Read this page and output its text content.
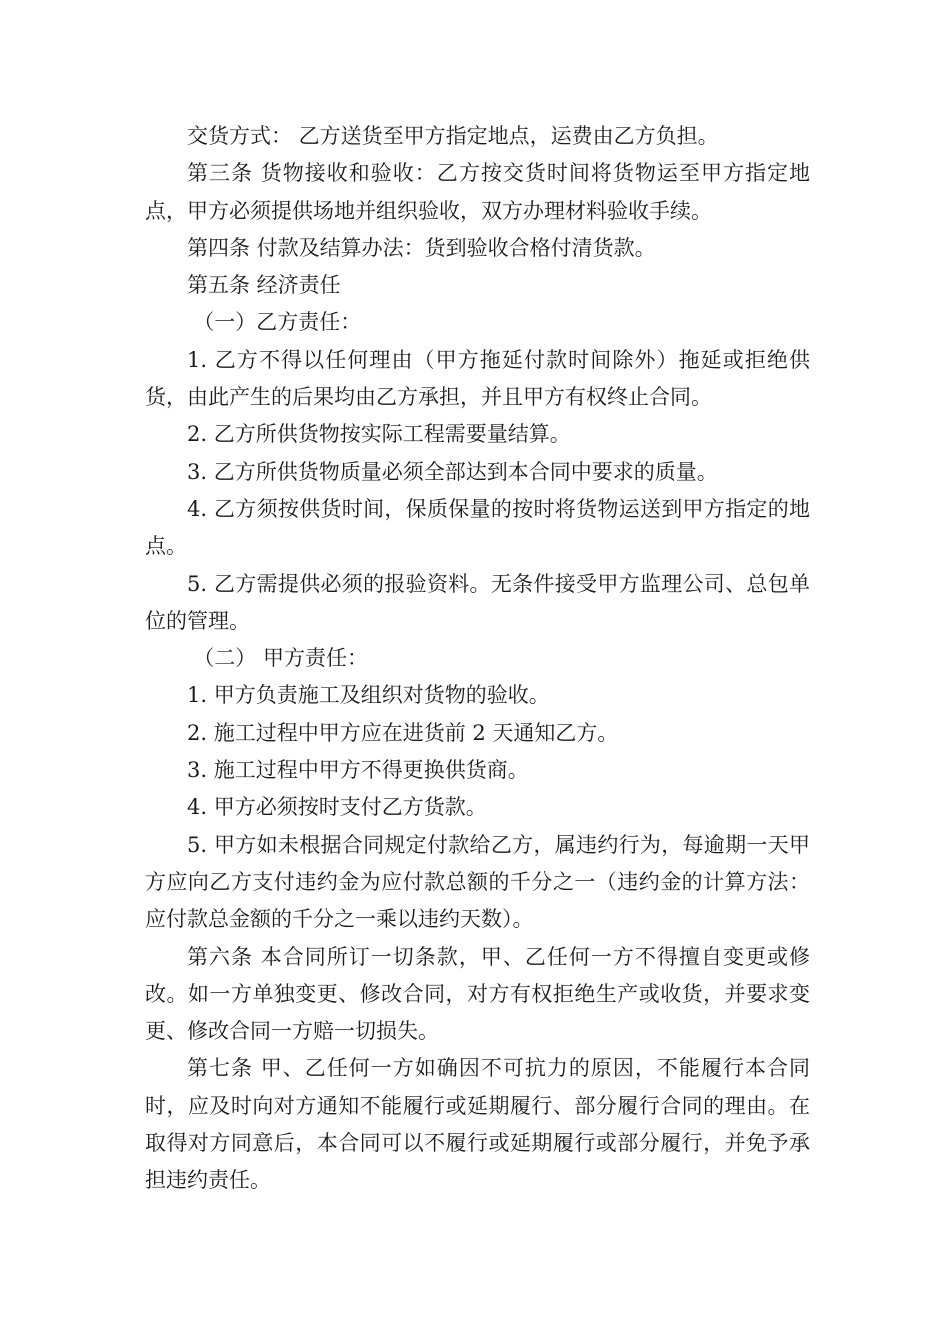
交货方式： 乙方送货至甲方指定地点，运费由乙方负担。

第三条 货物接收和验收：乙方按交货时间将货物运至甲方指定地点，甲方必须提供场地并组织验收，双方办理材料验收手续。

第四条 付款及结算办法：货到验收合格付清货款。

第五条 经济责任

（一）乙方责任：

1. 乙方不得以任何理由（甲方拖延付款时间除外）拖延或拒绝供货，由此产生的后果均由乙方承担，并且甲方有权终止合同。

2. 乙方所供货物按实际工程需要量结算。

3. 乙方所供货物质量必须全部达到本合同中要求的质量。

4. 乙方须按供货时间，保质保量的按时将货物运送到甲方指定的地点。

5. 乙方需提供必须的报验资料。无条件接受甲方监理公司、总包单位的管理。

（二） 甲方责任：

1. 甲方负责施工及组织对货物的验收。

2. 施工过程中甲方应在进货前 2 天通知乙方。

3. 施工过程中甲方不得更换供货商。

4. 甲方必须按时支付乙方货款。

5. 甲方如未根据合同规定付款给乙方，属违约行为，每逾期一天甲方应向乙方支付违约金为应付款总额的千分之一（违约金的计算方法：应付款总金额的千分之一乘以违约天数）。

第六条 本合同所订一切条款，甲、乙任何一方不得擅自变更或修改。如一方单独变更、修改合同，对方有权拒绝生产或收货，并要求变更、修改合同一方赔一切损失。

第七条 甲、乙任何一方如确因不可抗力的原因，不能履行本合同时，应及时向对方通知不能履行或延期履行、部分履行合同的理由。在取得对方同意后，本合同可以不履行或延期履行或部分履行，并免予承担违约责任。
